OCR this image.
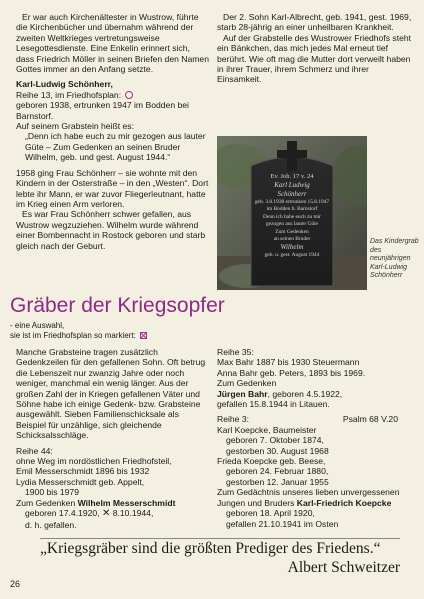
Er war auch Kirchenältester in Wustrow, führte die Kirchenbücher und übernahm während der zweiten Weltkrieges vertretungsweise Lesegottesdienste. Eine Enkelin erinnert sich, dass Friedrich Möller in seinen Briefen den Namen Gottes immer an den Anfang setzte.

Karl-Ludwig Schönherr,

Reihe 13, im Friedhofsplan:

geboren 1938, ertrunken 1947 im Bodden bei Barnstorf.

Auf seinem Grabstein heißt es:

„Denn ich habe euch zu mir gezogen aus lauter Güte – Zum Gedenken an seinen Bruder Wilhelm, geb. und gest. August 1944.“

1958 ging Frau Schönherr – sie wohnte mit den Kindern in der Osterstraße – in den „Westen“. Dort lebte ihr Mann, er war zuvor Fliegerleutnant, hatte im Krieg einen Arm verloren.

Es war Frau Schönherr schwer gefallen, aus Wustrow wegzuziehen. Wilhelm wurde während einer Bombennacht in Rostock geboren und starb gleich nach der Geburt.

Der 2. Sohn Karl-Albrecht, geb. 1941, gest. 1969, starb 28-jährig an einer unheilbaren Krankheit.

Auf der Grabstelle des Wustrower Friedhofs steht ein Bänkchen, das mich jedes Mal erneut tief berührt. Wie oft mag die Mutter dort verweilt haben in ihrer Trauer, ihrem Schmerz und ihrer Einsamkeit.

Ev. Joh. 17 v. 24
Karl Ludwig
Schönherr
geb. 3.8.1938 ertrunken 15.8.1947
im Bodden b. Barnstorf
Denn ich habe euch zu mir
gezogen aus lauter Güte
Zum Gedenken
an seinen Bruder
Wilhelm
geb. u. gest. August 1944
Das Kindergrab des neunjährigen Karl-Ludwig Schönherr
Gräber der Kriegsopfer
- eine Auswahl,
sie ist im Friedhofsplan so markiert:

Manche Grabsteine tragen zusätzlich Gedenkzeilen für den gefallenen Sohn. Oft betrug die Lebenszeit nur zwanzig Jahre oder noch weniger, manchmal ein wenig länger. Aus der großen Zahl der in Kriegen gefallenen Väter und Söhne habe ich einige Gedenk- bzw. Grabsteine ausgewählt. Sieben Familienschicksale als Beispiel für unzählige, sich gleichende Schicksalsschläge.

Reihe 44:

ohne Weg im nordöstlichen Friedhofsteil,

Emil Messerschmidt 1896 bis 1932

Lydia Messerschmidt geb. Appelt,

1900 bis 1979

Zum Gedenken Wilhelm Messerschmidt

geboren 17.4.1920, ✕ 8.10.1944,

d. h. gefallen.

Reihe 35:

Max Bahr 1887 bis 1930 Steuermann

Anna Bahr geb. Peters, 1893 bis 1969.

Zum Gedenken

Jürgen Bahr, geboren 4.5.1922,

gefallen 15.8.1944 in Litauen.

Reihe 3:	Psalm 68 V.20

Karl Koepcke, Baumeister

geboren 7. Oktober 1874,

gestorben 30. August 1968

Frieda Koepcke geb. Beese,

geboren 24. Februar 1880,

gestorben 12. Januar 1955

Zum Gedächtnis unseres lieben unvergessenen Jungen und Bruders Karl-Friedrich Koepcke

geboren 18. April 1920,

gefallen 21.10.1941 im Osten

„Kriegsgräber sind die größten Prediger des Friedens.“
Albert Schweitzer
26
